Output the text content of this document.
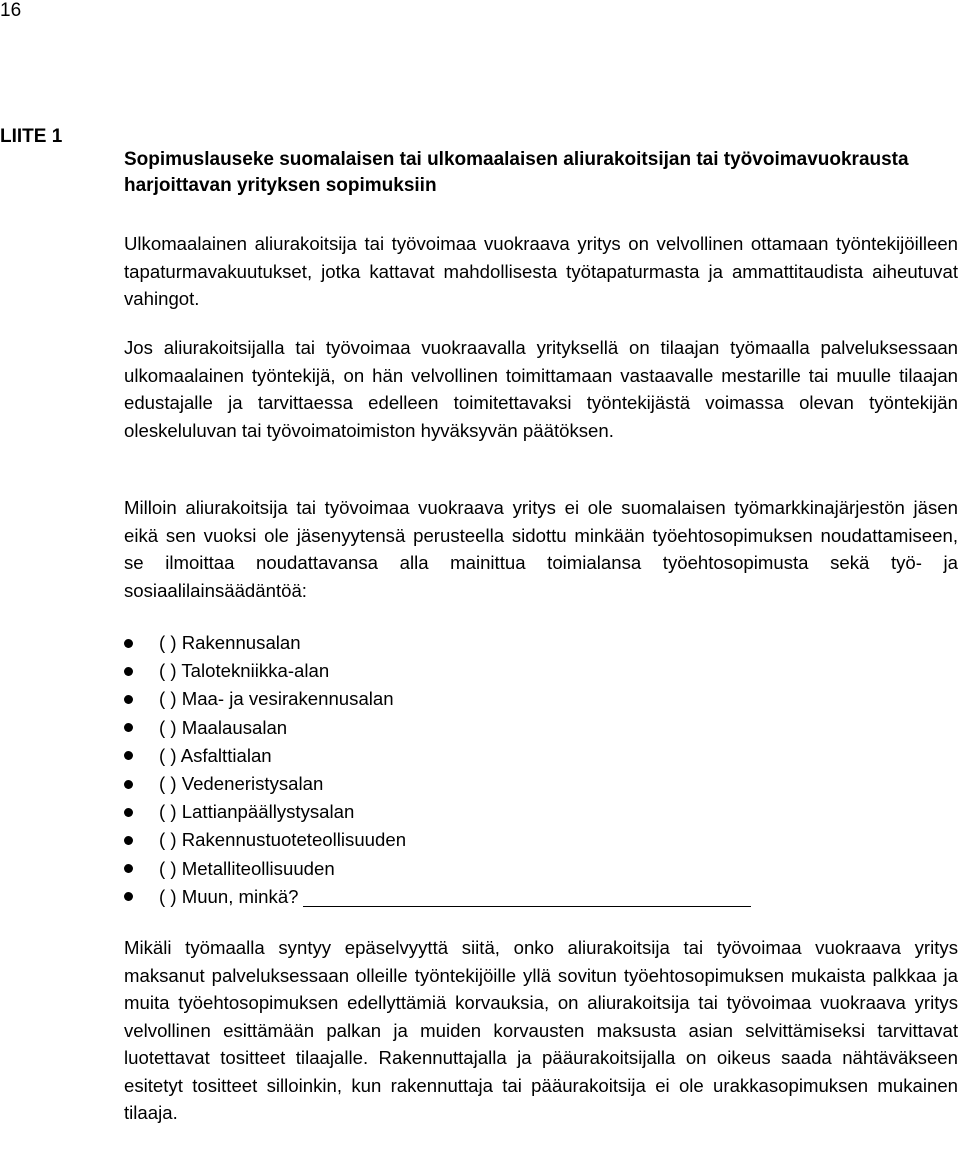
16
LIITE 1
Sopimuslauseke suomalaisen tai ulkomaalaisen aliurakoitsijan tai työvoimavuokrausta harjoittavan yrityksen sopimuksiin

Ulkomaalainen aliurakoitsija tai työvoimaa vuokraava yritys on velvollinen ottamaan työntekijöilleen tapaturmavakuutukset, jotka kattavat mahdollisesta työtapaturmasta ja ammattitaudista aiheutuvat vahingot.

Jos aliurakoitsijalla tai työvoimaa vuokraavalla yrityksellä on tilaajan työmaalla palveluksessaan ulkomaalainen työntekijä, on hän velvollinen toimittamaan vastaavalle mestarille tai muulle tilaajan edustajalle ja tarvittaessa edelleen toimitettavaksi työntekijästä voimassa olevan työntekijän oleskeluluvan tai työvoimatoimiston hyväksyvän päätöksen.

Milloin aliurakoitsija tai työvoimaa vuokraava yritys ei ole suomalaisen työmarkkinajärjestön jäsen eikä sen vuoksi ole jäsenyytensä perusteella sidottu minkään työehtosopimuksen noudattamiseen, se ilmoittaa noudattavansa alla mainittua toimialansa työehtosopimusta sekä työ- ja sosiaalilainsäädäntöä:

( ) Rakennusalan
( ) Talotekniikka-alan
( ) Maa- ja vesirakennusalan
( ) Maalausalan
( ) Asfalttialan
( ) Vedeneristysalan
( ) Lattianpäällystysalan
( ) Rakennustuoteteollisuuden
( ) Metalliteollisuuden
( ) Muun, minkä?

Mikäli työmaalla syntyy epäselvyyttä siitä, onko aliurakoitsija tai työvoimaa vuokraava yritys maksanut palveluksessaan olleille työntekijöille yllä sovitun työehtosopimuksen mukaista palkkaa ja muita työehtosopimuksen edellyttämiä korvauksia, on aliurakoitsija tai työvoimaa vuokraava yritys velvollinen esittämään palkan ja muiden korvausten maksusta asian selvittämiseksi tarvittavat luotettavat tositteet tilaajalle. Rakennuttajalla ja pääurakoitsijalla on oikeus saada nähtäväkseen esitetyt tositteet silloinkin, kun rakennuttaja tai pääurakoitsija ei ole urakkasopimuksen mukainen tilaaja.
